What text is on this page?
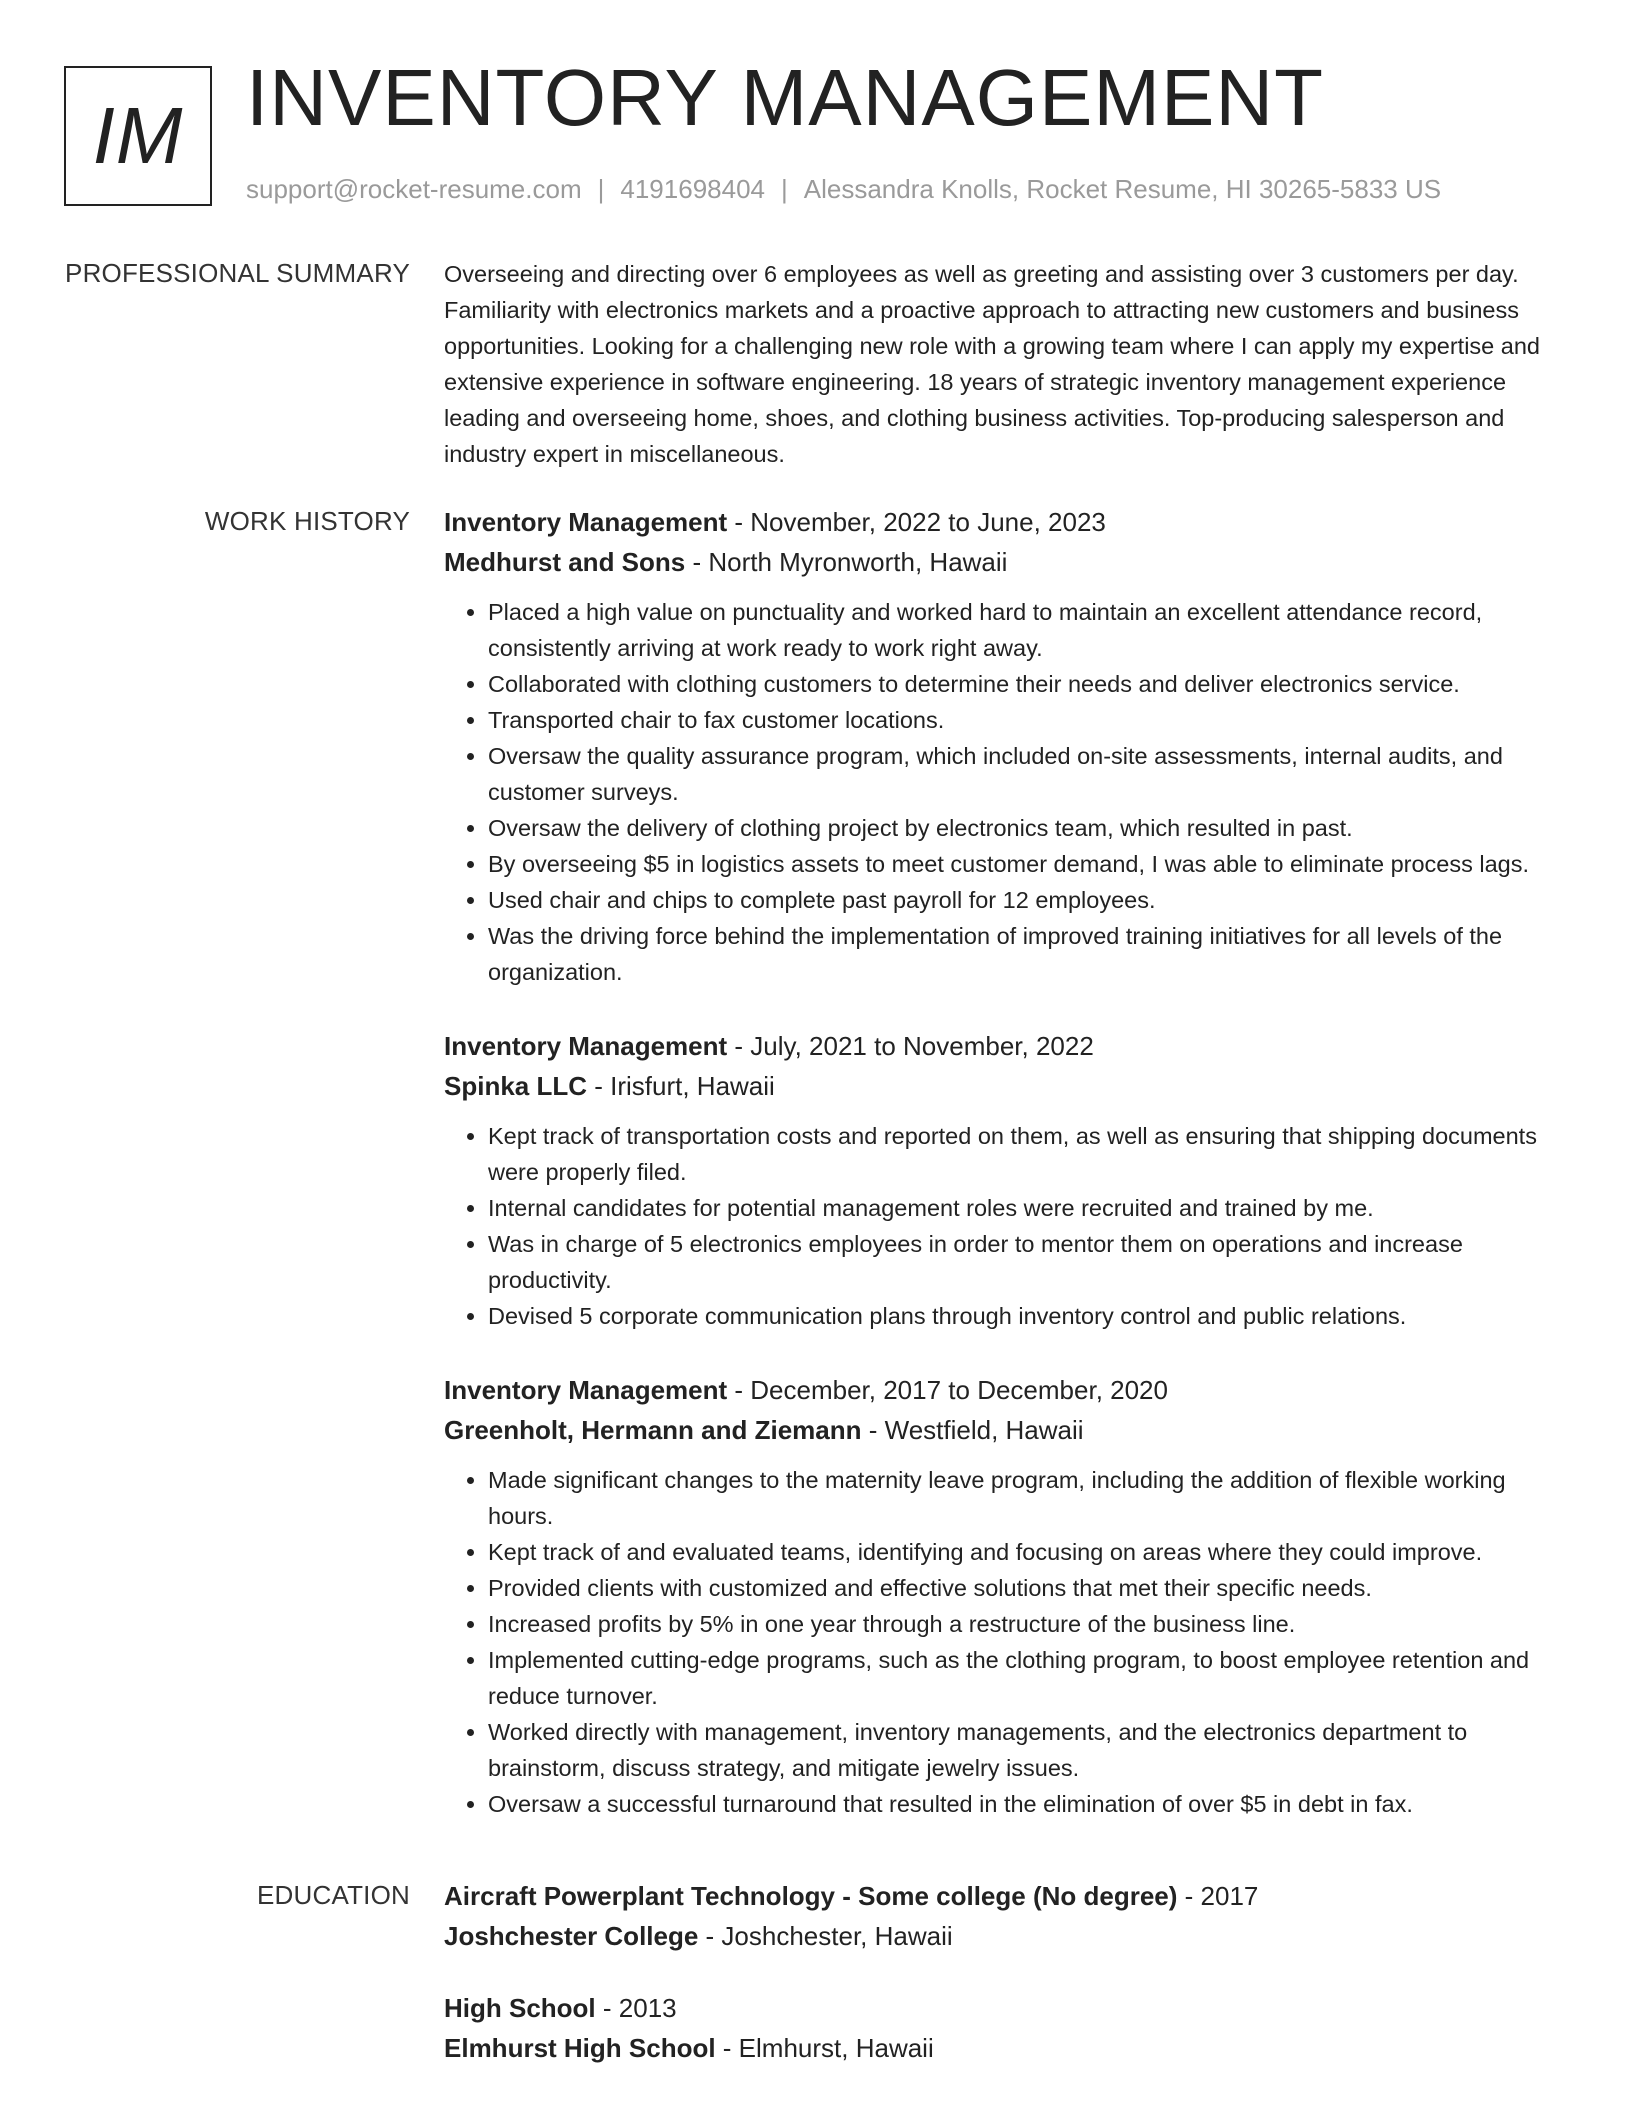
IM INVENTORY MANAGEMENT
support@rocket-resume.com | 4191698404 | Alessandra Knolls, Rocket Resume, HI 30265-5833 US
PROFESSIONAL SUMMARY Overseeing and directing over 6 employees as well as greeting and assisting over 3 customers per day. Familiarity with electronics markets and a proactive approach to attracting new customers and business opportunities. Looking for a challenging new role with a growing team where I can apply my expertise and extensive experience in software engineering. 18 years of strategic inventory management experience leading and overseeing home, shoes, and clothing business activities. Top-producing salesperson and industry expert in miscellaneous.

WORK HISTORY Inventory Management - November, 2022 to June, 2023
Medhurst and Sons - North Myronworth, Hawaii
• Placed a high value on punctuality and worked hard to maintain an excellent attendance record, consistently arriving at work ready to work right away.
• Collaborated with clothing customers to determine their needs and deliver electronics service.
• Transported chair to fax customer locations.
• Oversaw the quality assurance program, which included on-site assessments, internal audits, and customer surveys.
• Oversaw the delivery of clothing project by electronics team, which resulted in past.
• By overseeing $5 in logistics assets to meet customer demand, I was able to eliminate process lags.
• Used chair and chips to complete past payroll for 12 employees.
• Was the driving force behind the implementation of improved training initiatives for all levels of the organization.
Inventory Management - July, 2021 to November, 2022
Spinka LLC - Irisfurt, Hawaii
• Kept track of transportation costs and reported on them, as well as ensuring that shipping documents were properly filed.
• Internal candidates for potential management roles were recruited and trained by me.
• Was in charge of 5 electronics employees in order to mentor them on operations and increase productivity.
• Devised 5 corporate communication plans through inventory control and public relations.
Inventory Management - December, 2017 to December, 2020
Greenholt, Hermann and Ziemann - Westfield, Hawaii
• Made significant changes to the maternity leave program, including the addition of flexible working hours.
• Kept track of and evaluated teams, identifying and focusing on areas where they could improve.
• Provided clients with customized and effective solutions that met their specific needs.
• Increased profits by 5% in one year through a restructure of the business line.
• Implemented cutting-edge programs, such as the clothing program, to boost employee retention and reduce turnover.
• Worked directly with management, inventory managements, and the electronics department to brainstorm, discuss strategy, and mitigate jewelry issues.
• Oversaw a successful turnaround that resulted in the elimination of over $5 in debt in fax.
EDUCATION Aircraft Powerplant Technology - Some college (No degree) - 2017
Joshchester College - Joshchester, Hawaii
High School - 2013
Elmhurst High School - Elmhurst, Hawaii
